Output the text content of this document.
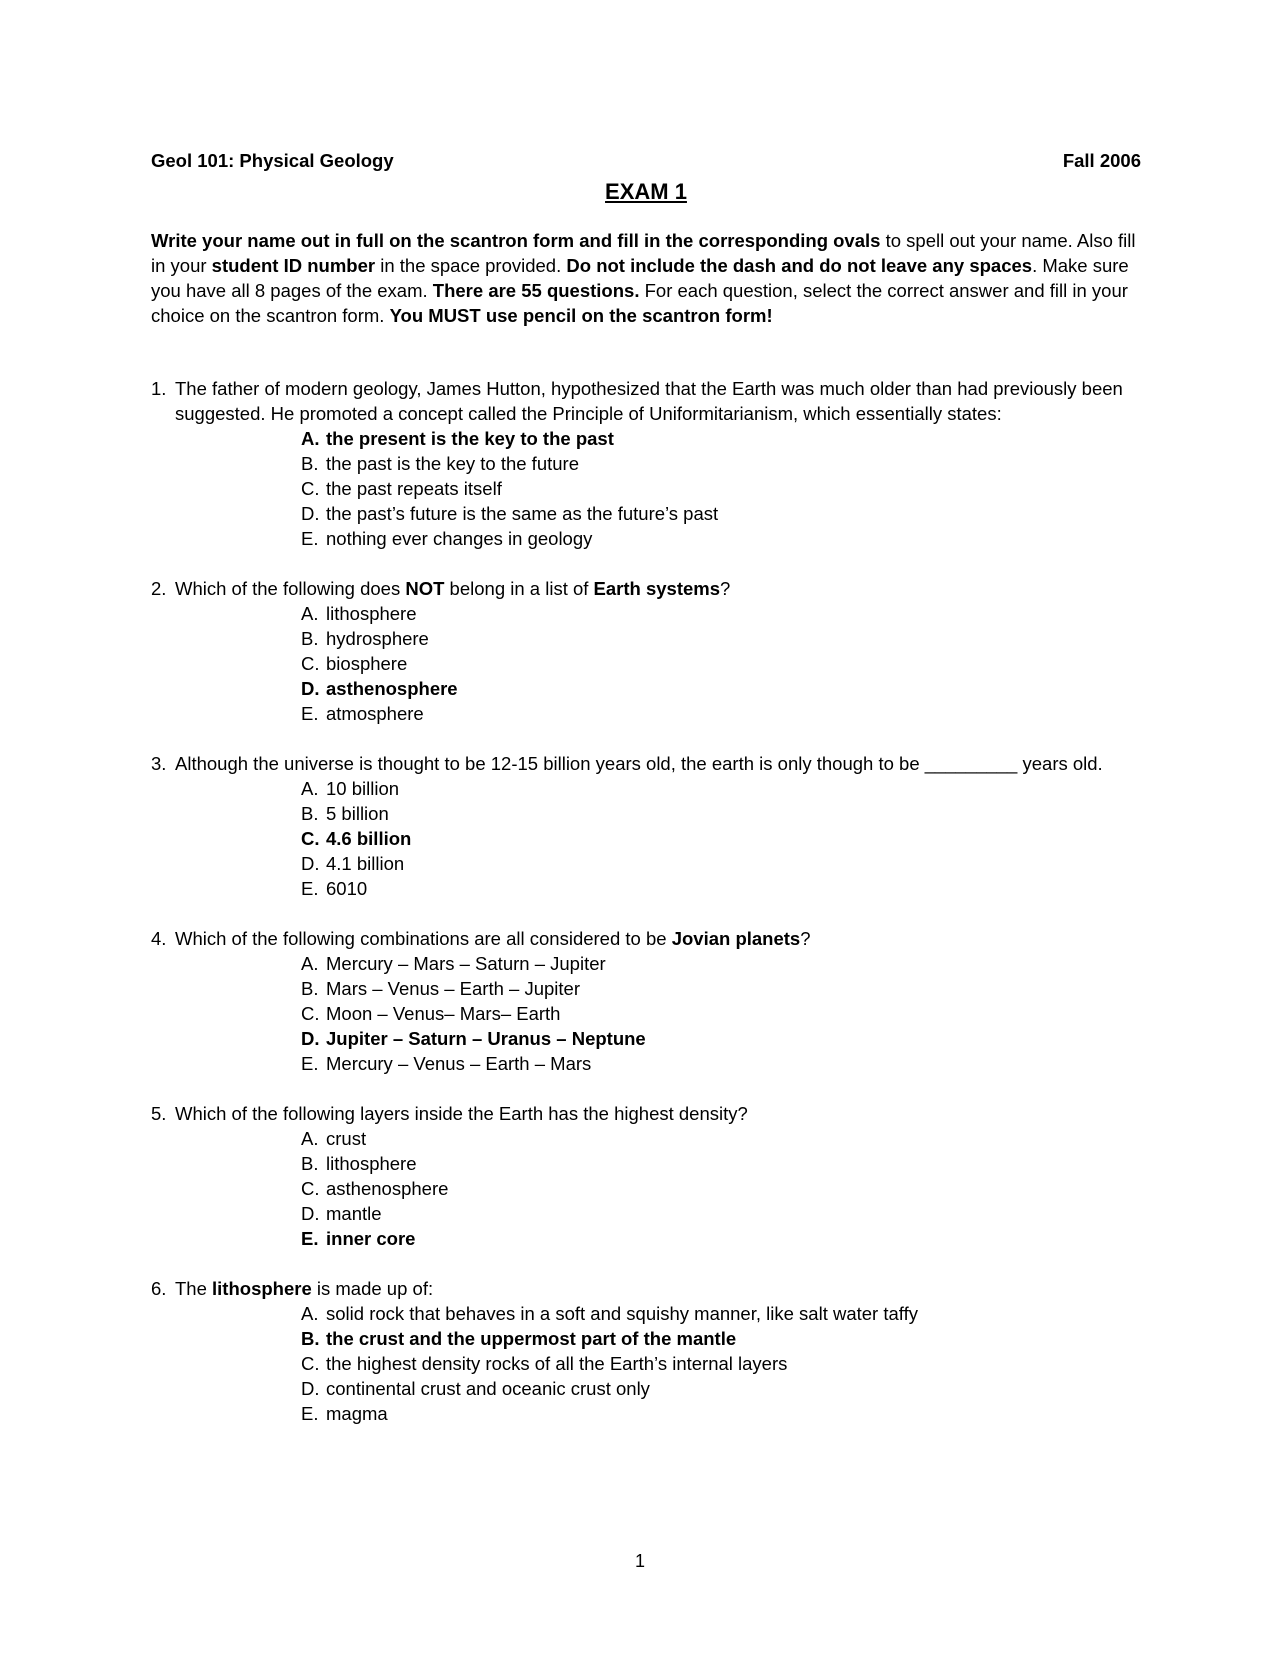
Geol 101: Physical Geology	Fall 2006
EXAM 1
Write your name out in full on the scantron form and fill in the corresponding ovals to spell out your name. Also fill in your student ID number in the space provided. Do not include the dash and do not leave any spaces. Make sure you have all 8 pages of the exam. There are 55 questions. For each question, select the correct answer and fill in your choice on the scantron form. You MUST use pencil on the scantron form!
1. The father of modern geology, James Hutton, hypothesized that the Earth was much older than had previously been suggested. He promoted a concept called the Principle of Uniformitarianism, which essentially states:
A. the present is the key to the past
B. the past is the key to the future
C. the past repeats itself
D. the past’s future is the same as the future’s past
E. nothing ever changes in geology
2. Which of the following does NOT belong in a list of Earth systems?
A. lithosphere
B. hydrosphere
C. biosphere
D. asthenosphere
E. atmosphere
3. Although the universe is thought to be 12-15 billion years old, the earth is only though to be _________ years old.
A. 10 billion
B. 5 billion
C. 4.6 billion
D. 4.1 billion
E. 6010
4. Which of the following combinations are all considered to be Jovian planets?
A. Mercury – Mars – Saturn – Jupiter
B. Mars – Venus – Earth – Jupiter
C. Moon – Venus– Mars– Earth
D. Jupiter – Saturn – Uranus – Neptune
E. Mercury – Venus – Earth – Mars
5. Which of the following layers inside the Earth has the highest density?
A. crust
B. lithosphere
C. asthenosphere
D. mantle
E. inner core
6. The lithosphere is made up of:
A. solid rock that behaves in a soft and squishy manner, like salt water taffy
B. the crust and the uppermost part of the mantle
C. the highest density rocks of all the Earth’s internal layers
D. continental crust and oceanic crust only
E. magma
1
